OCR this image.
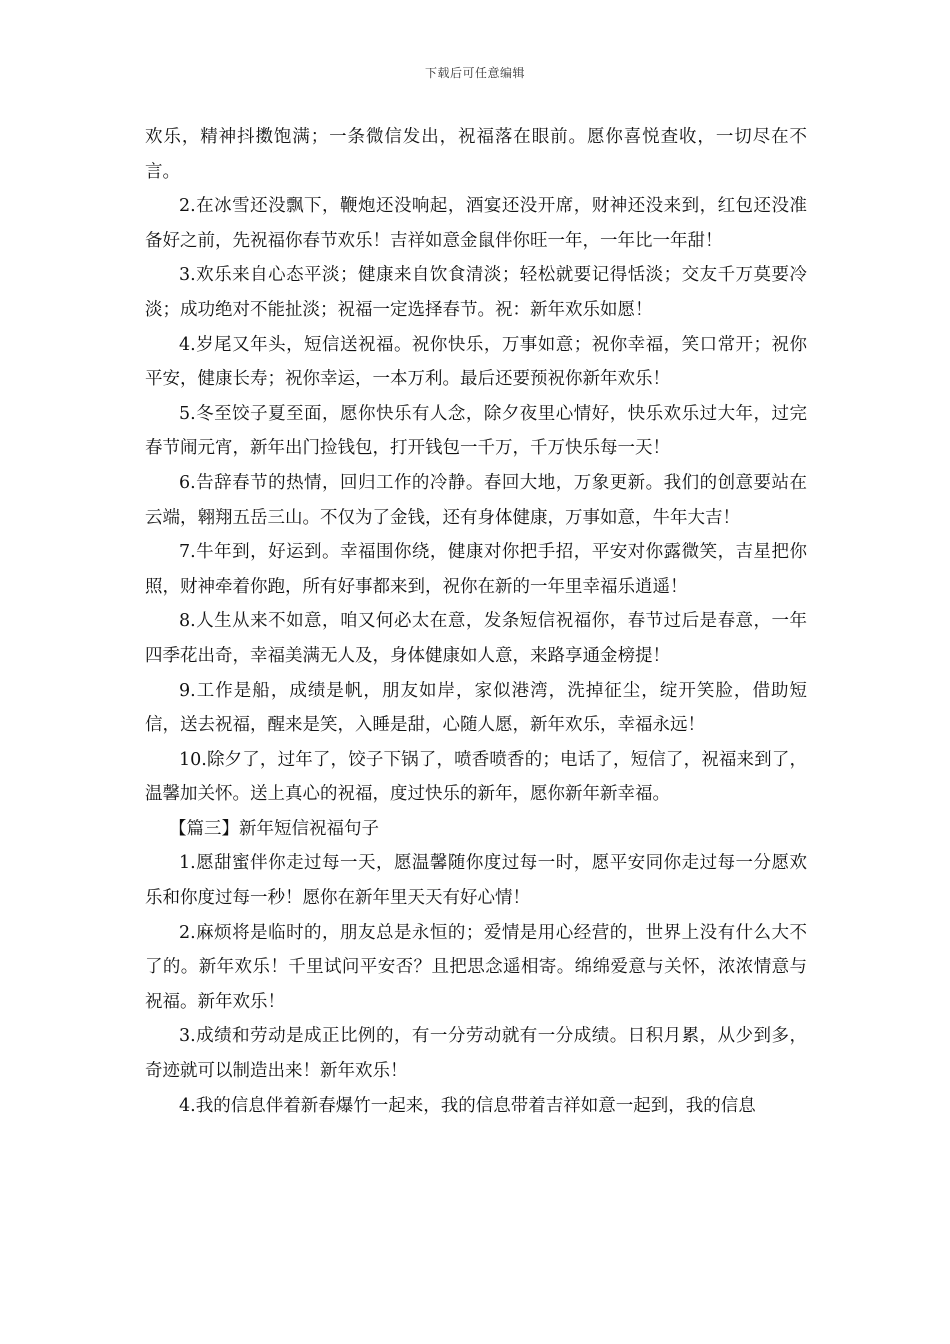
下载后可任意编辑

欢乐，精神抖擞饱满；一条微信发出，祝福落在眼前。愿你喜悦查收，一切尽在不言。

2.在冰雪还没飘下，鞭炮还没响起，酒宴还没开席，财神还没来到，红包还没准备好之前，先祝福你春节欢乐！吉祥如意金鼠伴你旺一年，一年比一年甜！

3.欢乐来自心态平淡；健康来自饮食清淡；轻松就要记得恬淡；交友千万莫要冷淡；成功绝对不能扯淡；祝福一定选择春节。祝：新年欢乐如愿！

4.岁尾又年头，短信送祝福。祝你快乐，万事如意；祝你幸福，笑口常开；祝你平安，健康长寿；祝你幸运，一本万利。最后还要预祝你新年欢乐！

5.冬至饺子夏至面，愿你快乐有人念，除夕夜里心情好，快乐欢乐过大年，过完春节闹元宵，新年出门捡钱包，打开钱包一千万，千万快乐每一天！

6.告辞春节的热情，回归工作的冷静。春回大地，万象更新。我们的创意要站在云端，翱翔五岳三山。不仅为了金钱，还有身体健康，万事如意，牛年大吉！

7.牛年到，好运到。幸福围你绕，健康对你把手招，平安对你露微笑，吉星把你照，财神牵着你跑，所有好事都来到，祝你在新的一年里幸福乐逍遥！

8.人生从来不如意，咱又何必太在意，发条短信祝福你，春节过后是春意，一年四季花出奇，幸福美满无人及，身体健康如人意，来路享通金榜提！

9.工作是船，成绩是帆，朋友如岸，家似港湾，洗掉征尘，绽开笑脸，借助短信，送去祝福，醒来是笑，入睡是甜，心随人愿，新年欢乐，幸福永远！

10.除夕了，过年了，饺子下锅了，喷香喷香的；电话了，短信了，祝福来到了，温馨加关怀。送上真心的祝福，度过快乐的新年，愿你新年新幸福。

【篇三】新年短信祝福句子

1.愿甜蜜伴你走过每一天，愿温馨随你度过每一时，愿平安同你走过每一分愿欢乐和你度过每一秒！愿你在新年里天天有好心情！

2.麻烦将是临时的，朋友总是永恒的；爱情是用心经营的，世界上没有什么大不了的。新年欢乐！千里试问平安否？且把思念遥相寄。绵绵爱意与关怀，浓浓情意与祝福。新年欢乐！

3.成绩和劳动是成正比例的，有一分劳动就有一分成绩。日积月累，从少到多，奇迹就可以制造出来！新年欢乐！

4.我的信息伴着新春爆竹一起来，我的信息带着吉祥如意一起到，我的信息
